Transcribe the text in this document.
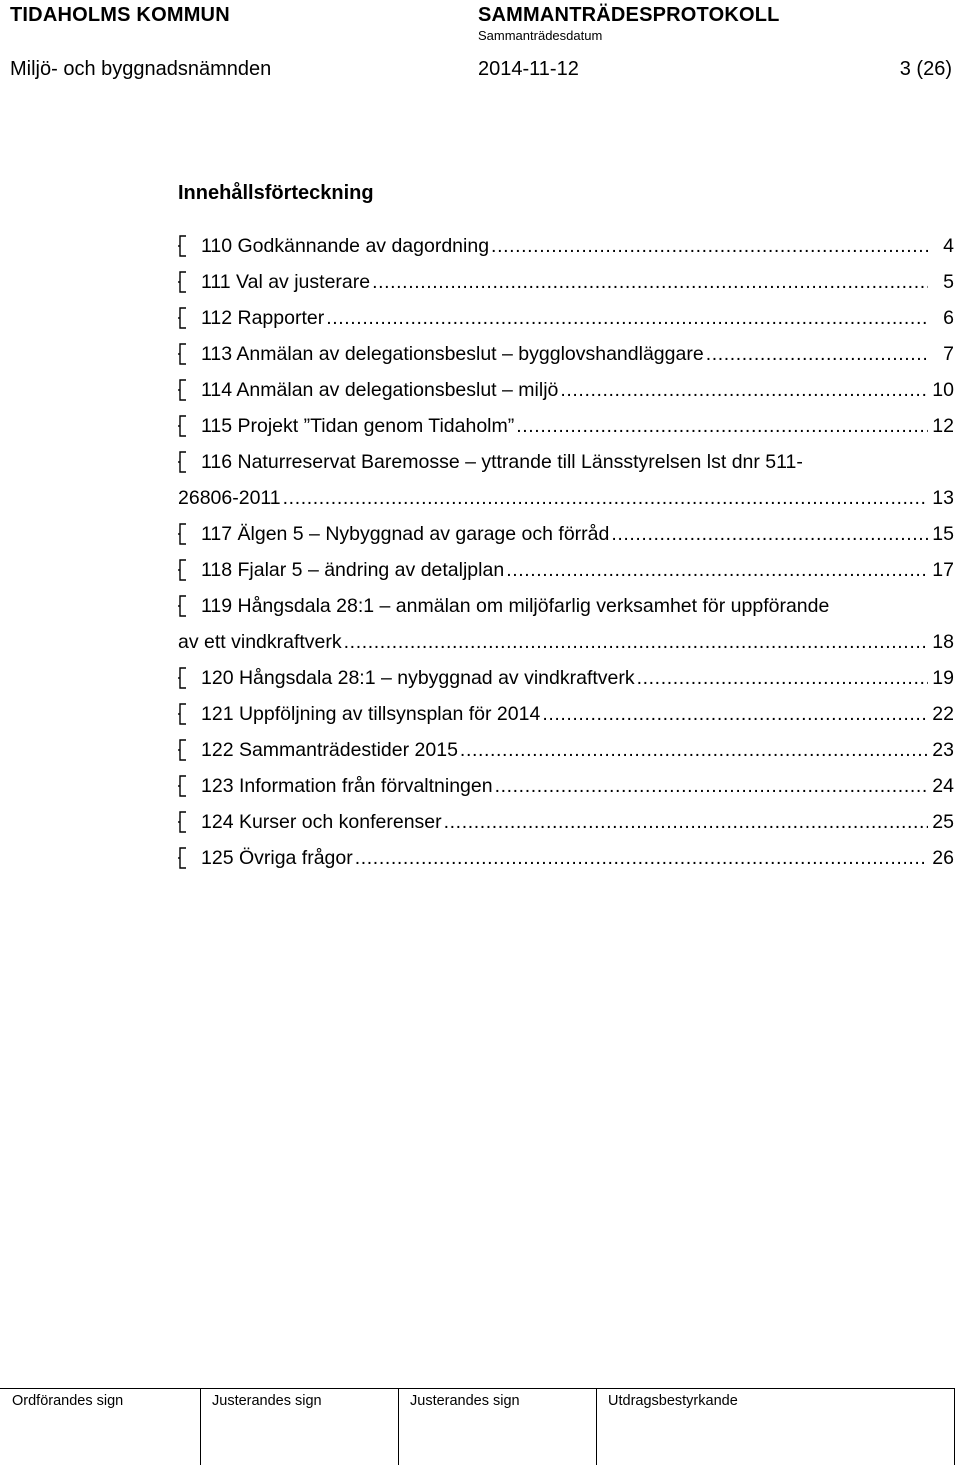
TIDAHOLMS KOMMUN	SAMMANTRÄDESPROTOKOLL
Sammanträdesdatum
Miljö- och byggnadsnämnden	2014-11-12	3 (26)
Innehållsförteckning
110 Godkännande av dagordning .....	4
111 Val av justerare .....	5
112 Rapporter .....	6
113 Anmälan av delegationsbeslut – bygglovshandläggare .....	7
114 Anmälan av delegationsbeslut – miljö .....	10
115 Projekt ”Tidan genom Tidaholm” .....	12
116 Naturreservat Baremosse – yttrande till Länsstyrelsen lst dnr 511-
26806-2011 .....	13
117 Älgen 5 – Nybyggnad av garage och förråd .....	15
118 Fjalar 5 – ändring av detaljplan .....	17
119 Hångsdala 28:1 – anmälan om miljöfarlig verksamhet för uppförande
av ett vindkraftverk .....	18
120 Hångsdala 28:1 – nybyggnad av vindkraftverk .....	19
121 Uppföljning av tillsynsplan för 2014 .....	22
122 Sammanträdestider 2015 .....	23
123 Information från förvaltningen .....	24
124 Kurser och konferenser .....	25
125 Övriga frågor .....	26
Ordförandes sign	Justerandes sign	Justerandes sign	Utdragsbestyrkande
